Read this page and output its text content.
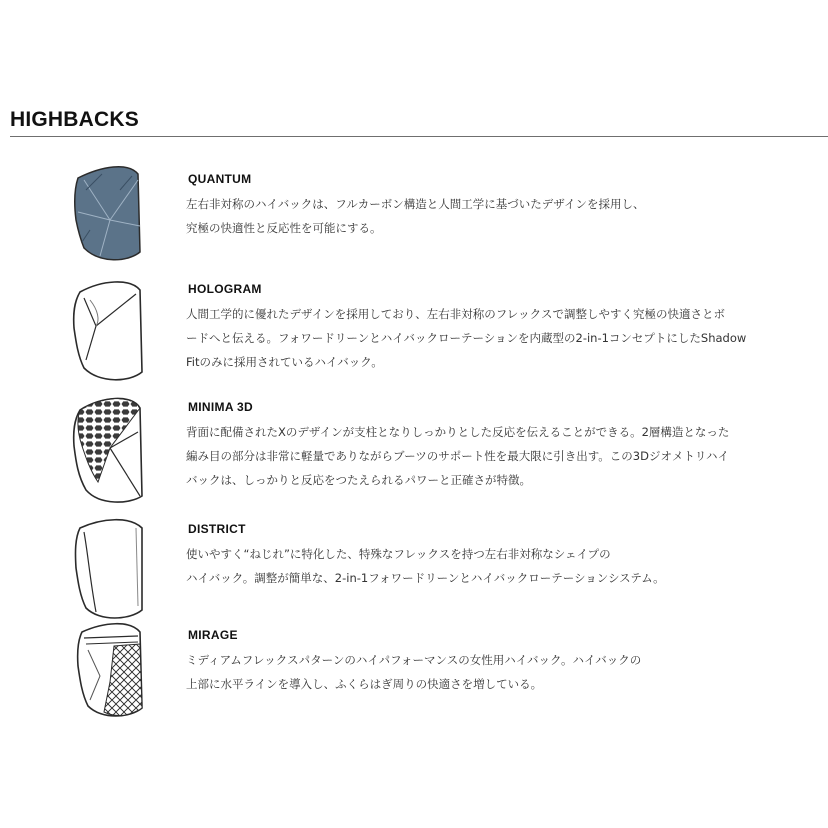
HIGHBACKS
QUANTUM
左右非対称のハイバックは、フルカーボン構造と人間工学に基づいたデザインを採用し、
究極の快適性と反応性を可能にする。
HOLOGRAM
人間工学的に優れたデザインを採用しており、左右非対称のフレックスで調整しやすく究極の快適さとボ
ードへと伝える。フォワードリーンとハイバックローテーションを内蔵型の2-in-1コンセプトにしたShadow
Fitのみに採用されているハイバック。
MINIMA 3D
背面に配備されたXのデザインが支柱となりしっかりとした反応を伝えることができる。2層構造となった
編み目の部分は非常に軽量でありながらブーツのサポート性を最大限に引き出す。この3Dジオメトリハイ
バックは、しっかりと反応をつたえられるパワーと正確さが特徴。
DISTRICT
使いやすく“ねじれ”に特化した、特殊なフレックスを持つ左右非対称なシェイプの
ハイバック。調整が簡単な、2-in-1フォワードリーンとハイバックローテーションシステム。
MIRAGE
ミディアムフレックスパターンのハイパフォーマンスの女性用ハイバック。ハイバックの
上部に水平ラインを導入し、ふくらはぎ周りの快適さを増している。
